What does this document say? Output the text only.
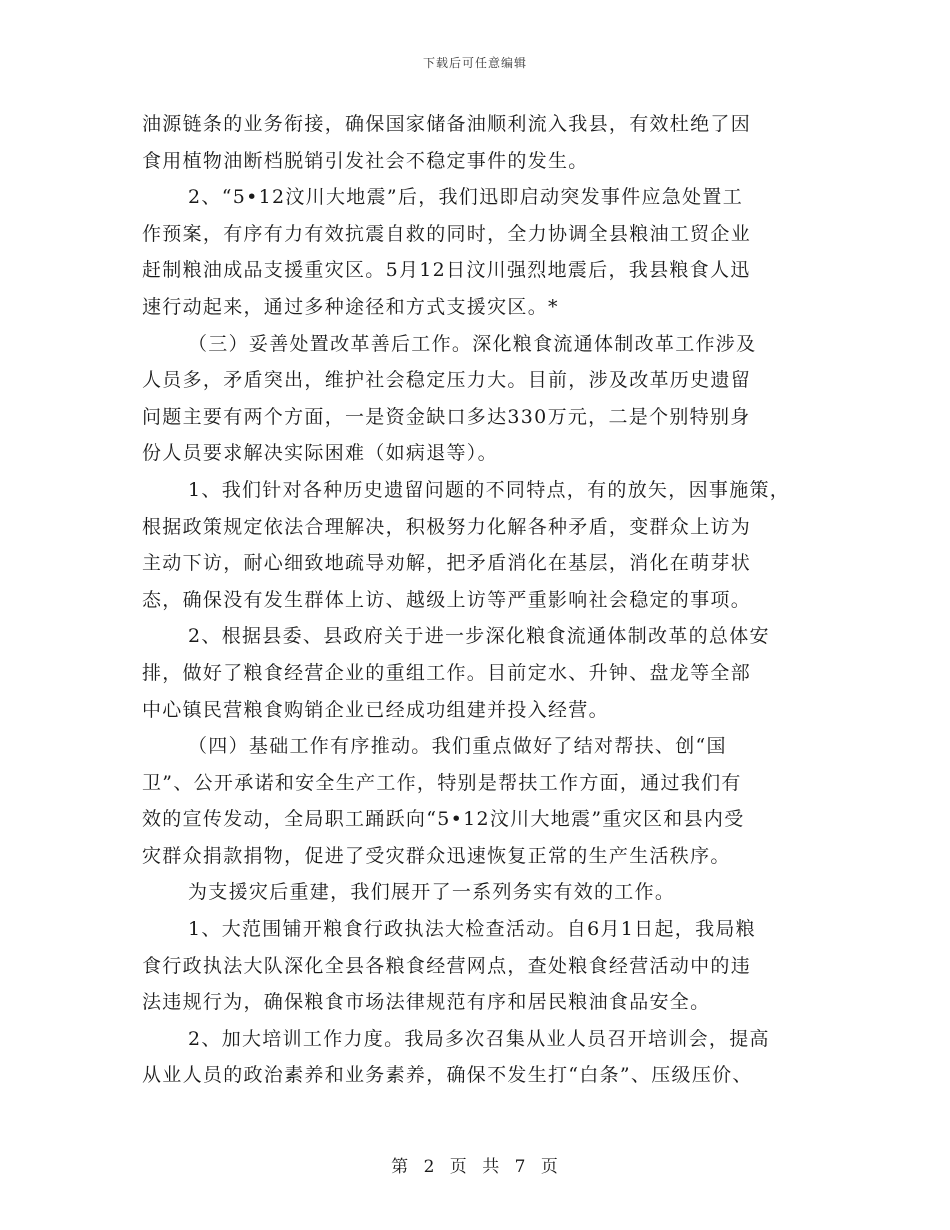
下载后可任意编辑
油源链条的业务衔接，确保国家储备油顺利流入我县，有效杜绝了因
食用植物油断档脱销引发社会不稳定事件的发生。
2、“5•12汶川大地震”后，我们迅即启动突发事件应急处置工
作预案，有序有力有效抗震自救的同时，全力协调全县粮油工贸企业
赶制粮油成品支援重灾区。5月12日汶川强烈地震后，我县粮食人迅
速行动起来，通过多种途径和方式支援灾区。*
（三）妥善处置改革善后工作。深化粮食流通体制改革工作涉及
人员多，矛盾突出，维护社会稳定压力大。目前，涉及改革历史遗留
问题主要有两个方面，一是资金缺口多达330万元，二是个别特别身
份人员要求解决实际困难（如病退等）。
1、我们针对各种历史遗留问题的不同特点，有的放矢，因事施策，
根据政策规定依法合理解决，积极努力化解各种矛盾，变群众上访为
主动下访，耐心细致地疏导劝解，把矛盾消化在基层，消化在萌芽状
态，确保没有发生群体上访、越级上访等严重影响社会稳定的事项。
2、根据县委、县政府关于进一步深化粮食流通体制改革的总体安
排，做好了粮食经营企业的重组工作。目前定水、升钟、盘龙等全部
中心镇民营粮食购销企业已经成功组建并投入经营。
（四）基础工作有序推动。我们重点做好了结对帮扶、创“国
卫”、公开承诺和安全生产工作，特别是帮扶工作方面，通过我们有
效的宣传发动，全局职工踊跃向“5•12汶川大地震”重灾区和县内受
灾群众捐款捐物，促进了受灾群众迅速恢复正常的生产生活秩序。
为支援灾后重建，我们展开了一系列务实有效的工作。
1、大范围铺开粮食行政执法大检查活动。自6月1日起，我局粮
食行政执法大队深化全县各粮食经营网点，查处粮食经营活动中的违
法违规行为，确保粮食市场法律规范有序和居民粮油食品安全。
2、加大培训工作力度。我局多次召集从业人员召开培训会，提高
从业人员的政治素养和业务素养，确保不发生打“白条”、压级压价、
第 2 页 共 7 页
